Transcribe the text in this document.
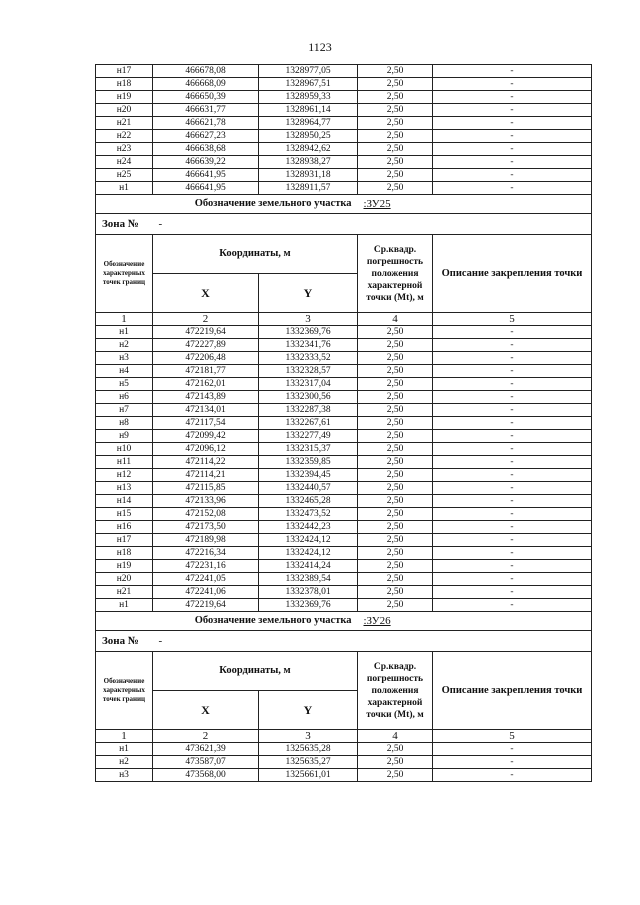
1123
н17	466678,08	1328977,05	2,50	-
н18	466668,09	1328967,51	2,50	-
н19	466650,39	1328959,33	2,50	-
н20	466631,77	1328961,14	2,50	-
н21	466621,78	1328964,77	2,50	-
н22	466627,23	1328950,25	2,50	-
н23	466638,68	1328942,62	2,50	-
н24	466639,22	1328938,27	2,50	-
н25	466641,95	1328931,18	2,50	-
н1	466641,95	1328911,57	2,50	-
Обозначение земельного участка			:ЗУ25	
Зона №	-			
Обозначение характерных точек границ	Координаты, м		Ср.квадр. погрешность положения характерной точки (Mt), м	Описание закрепления точки
	X	Y		
1	2	3	4	5
н1	472219,64	1332369,76	2,50	-
н2	472227,89	1332341,76	2,50	-
н3	472206,48	1332333,52	2,50	-
н4	472181,77	1332328,57	2,50	-
н5	472162,01	1332317,04	2,50	-
н6	472143,89	1332300,56	2,50	-
н7	472134,01	1332287,38	2,50	-
н8	472117,54	1332267,61	2,50	-
н9	472099,42	1332277,49	2,50	-
н10	472096,12	1332315,37	2,50	-
н11	472114,22	1332359,85	2,50	-
н12	472114,21	1332394,45	2,50	-
н13	472115,85	1332440,57	2,50	-
н14	472133,96	1332465,28	2,50	-
н15	472152,08	1332473,52	2,50	-
н16	472173,50	1332442,23	2,50	-
н17	472189,98	1332424,12	2,50	-
н18	472216,34	1332424,12	2,50	-
н19	472231,16	1332414,24	2,50	-
н20	472241,05	1332389,54	2,50	-
н21	472241,06	1332378,01	2,50	-
н1	472219,64	1332369,76	2,50	-
Обозначение земельного участка			:ЗУ26	
Зона №	-			
Обозначение характерных точек границ	Координаты, м		Ср.квадр. погрешность положения характерной точки (Mt), м	Описание закрепления точки
	X	Y		
1	2	3	4	5
н1	473621,39	1325635,28	2,50	-
н2	473587,07	1325635,27	2,50	-
н3	473568,00	1325661,01	2,50	-
